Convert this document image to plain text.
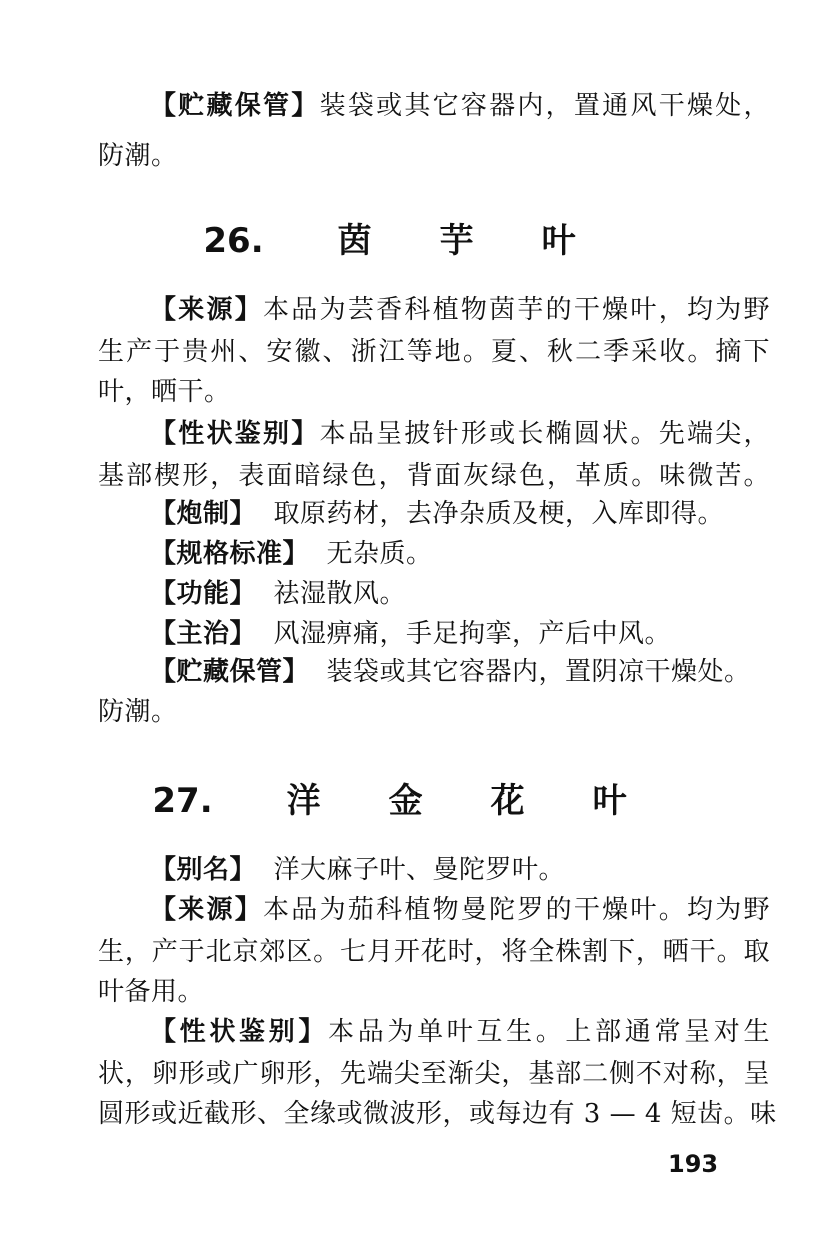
【贮藏保管】装袋或其它容器内，置通风干燥处，
防潮。
26. 茵 芋 叶
【来源】本品为芸香科植物茵芋的干燥叶，均为野
生产于贵州、安徽、浙江等地。夏、秋二季采收。摘下
叶，晒干。
【性状鉴别】本品呈披针形或长椭圆状。先端尖，
基部楔形，表面暗绿色，背面灰绿色，革质。味微苦。
【炮制】 取原药材，去净杂质及梗，入库即得。
【规格标准】 无杂质。
【功能】 祛湿散风。
【主治】 风湿痹痛，手足拘挛，产后中风。
【贮藏保管】 装袋或其它容器内，置阴凉干燥处。
防潮。
27. 洋 金 花 叶
【别名】 洋大麻子叶、曼陀罗叶。
【来源】本品为茄科植物曼陀罗的干燥叶。均为野
生，产于北京郊区。七月开花时，将全株割下，晒干。取
叶备用。
【性状鉴别】本品为单叶互生。上部通常呈对生
状，卵形或广卵形，先端尖至渐尖，基部二侧不对称，呈
圆形或近截形、全缘或微波形，或每边有 3 — 4 短齿。味
193
